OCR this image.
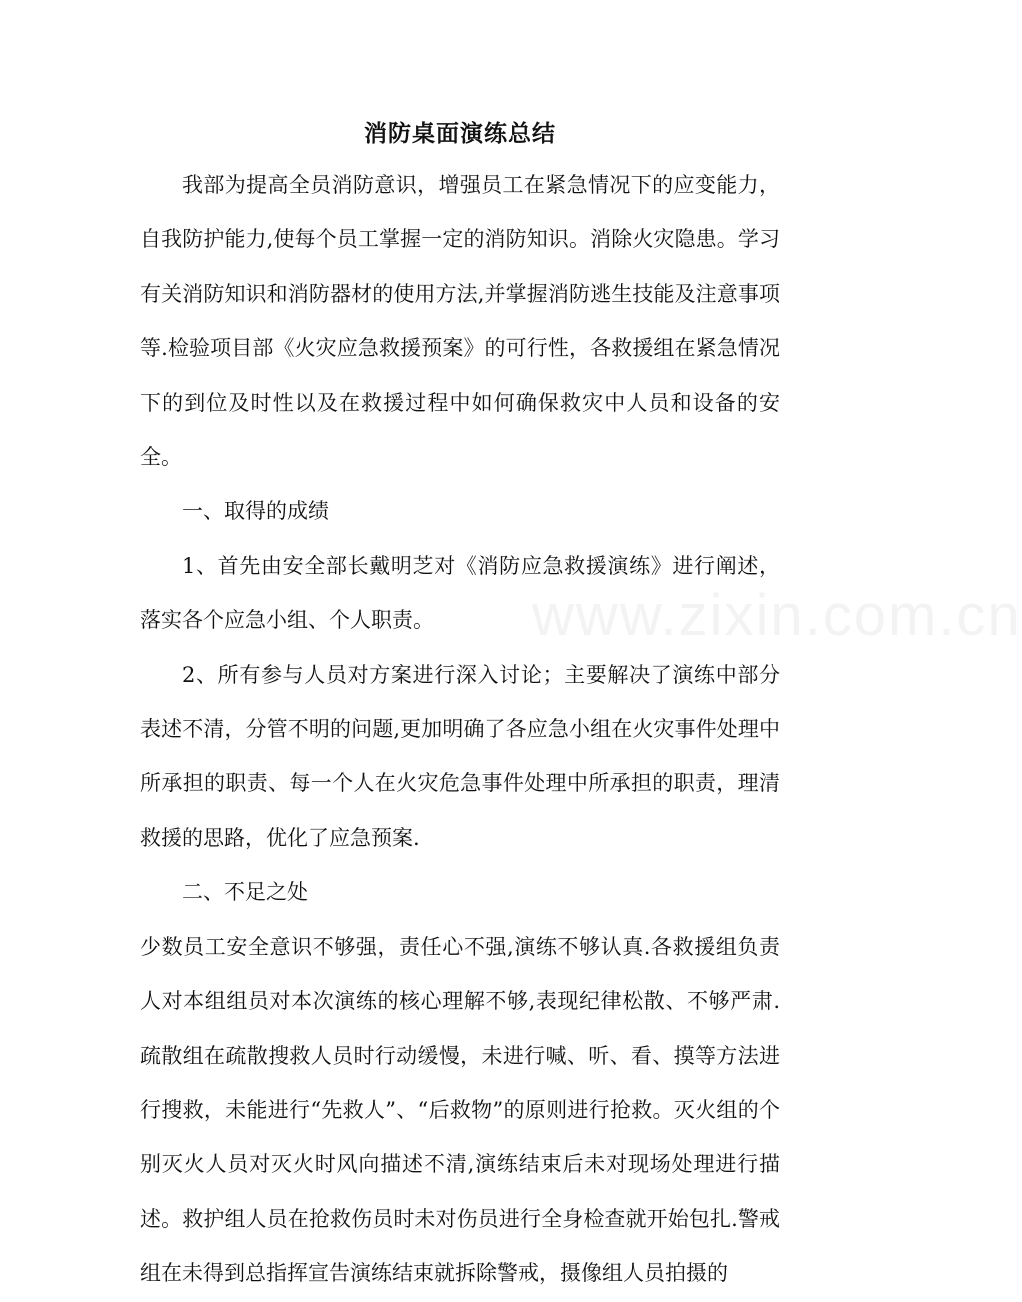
www.zixin.com.cn
消防桌面演练总结

我部为提高全员消防意识，增强员工在紧急情况下的应变能力，自我防护能力,使每个员工掌握一定的消防知识。消除火灾隐患。学习有关消防知识和消防器材的使用方法,并掌握消防逃生技能及注意事项等.检验项目部《火灾应急救援预案》的可行性，各救援组在紧急情况下的到位及时性以及在救援过程中如何确保救灾中人员和设备的安全。

一、取得的成绩

1、首先由安全部长戴明芝对《消防应急救援演练》进行阐述，落实各个应急小组、个人职责。

2、所有参与人员对方案进行深入讨论；主要解决了演练中部分表述不清，分管不明的问题,更加明确了各应急小组在火灾事件处理中所承担的职责、每一个人在火灾危急事件处理中所承担的职责，理清救援的思路，优化了应急预案.

二、不足之处

少数员工安全意识不够强，责任心不强,演练不够认真.各救援组负责人对本组组员对本次演练的核心理解不够,表现纪律松散、不够严肃.疏散组在疏散搜救人员时行动缓慢，未进行喊、听、看、摸等方法进行搜救，未能进行“先救人”、“后救物”的原则进行抢救。灭火组的个别灭火人员对灭火时风向描述不清,演练结束后未对现场处理进行描述。救护组人员在抢救伤员时未对伤员进行全身检查就开始包扎.警戒组在未得到总指挥宣告演练结束就拆除警戒，摄像组人员拍摄的
